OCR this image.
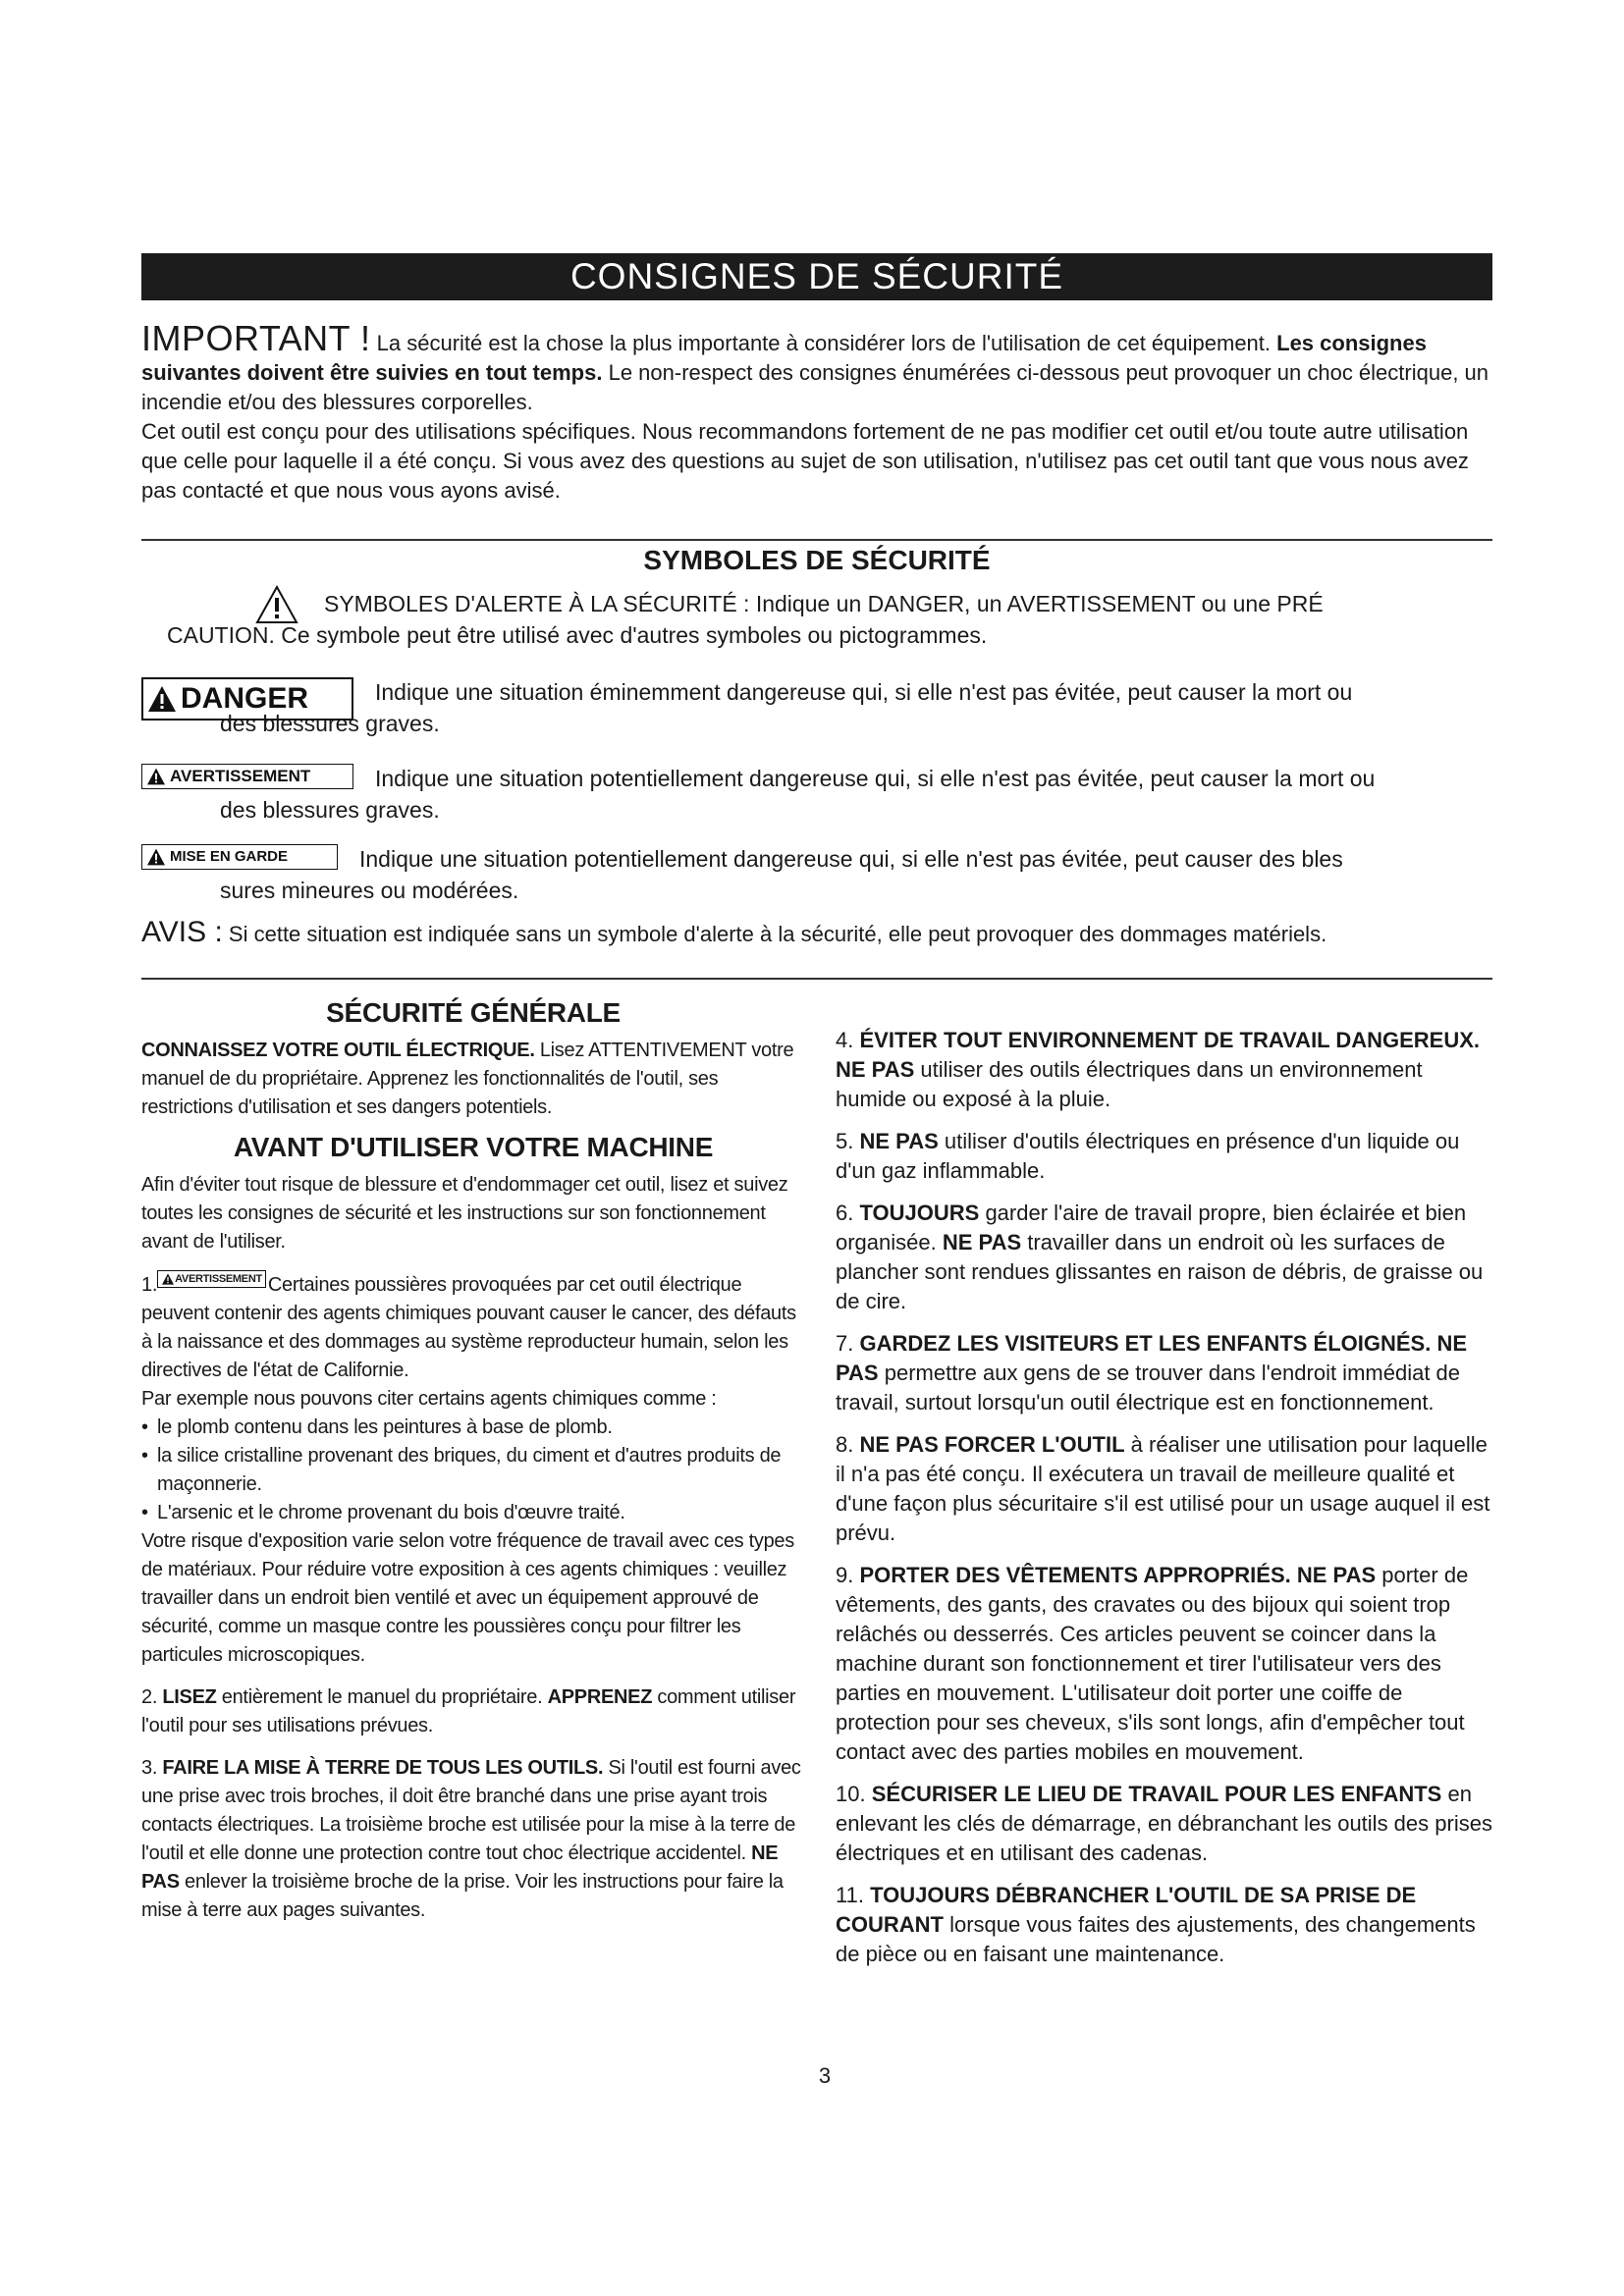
CONSIGNES DE SÉCURITÉ
IMPORTANT ! La sécurité est la chose la plus importante à considérer lors de l'utilisation de cet équipement. Les consignes suivantes doivent être suivies en tout temps. Le non-respect des consignes énumérées ci-dessous peut provoquer un choc électrique, un incendie et/ou des blessures corporelles.
Cet outil est conçu pour des utilisations spécifiques. Nous recommandons fortement de ne pas modifier cet outil et/ou toute autre utilisation que celle pour laquelle il a été conçu. Si vous avez des questions au sujet de son utilisation, n'utilisez pas cet outil tant que vous nous avez pas contacté et que nous vous ayons avisé.
SYMBOLES DE SÉCURITÉ
SYMBOLES D'ALERTE À LA SÉCURITÉ : Indique un DANGER, un AVERTISSEMENT ou une PRÉ
CAUTION. Ce symbole peut être utilisé avec d'autres symboles ou pictogrammes.
DANGER	Indique une situation éminemment dangereuse qui, si elle n'est pas évitée, peut causer la mort ou
des blessures graves.
AVERTISSEMENT	Indique une situation potentiellement dangereuse qui, si elle n'est pas évitée, peut causer la mort ou
des blessures graves.
MISE EN GARDE	Indique une situation potentiellement dangereuse qui, si elle n'est pas évitée, peut causer des bles
sures mineures ou modérées.
AVIS : Si cette situation est indiquée sans un symbole d'alerte à la sécurité, elle peut provoquer des dommages matériels.
SÉCURITÉ GÉNÉRALE
CONNAISSEZ VOTRE OUTIL ÉLECTRIQUE. Lisez ATTENTIVEMENT votre manuel de du propriétaire. Apprenez les fonctionnalités de l'outil, ses restrictions d'utilisation et ses dangers potentiels.
AVANT D'UTILISER VOTRE MACHINE
Afin d'éviter tout risque de blessure et d'endommager cet outil, lisez et suivez toutes les consignes de sécurité et les instructions sur son fonctionnement avant de l'utiliser.
1. AVERTISSEMENT Certaines poussières provoquées par cet outil électrique peuvent contenir des agents chimiques pouvant causer le cancer, des défauts à la naissance et des dommages au système reproducteur humain, selon les directives de l'état de Californie.
Par exemple nous pouvons citer certains agents chimiques comme :
• le plomb contenu dans les peintures à base de plomb.
• la silice cristalline provenant des briques, du ciment et d'autres produits de maçonnerie.
• L'arsenic et le chrome provenant du bois d'œuvre traité.
Votre risque d'exposition varie selon votre fréquence de travail avec ces types de matériaux. Pour réduire votre exposition à ces agents chimiques : veuillez travailler dans un endroit bien ventilé et avec un équipement approuvé de sécurité, comme un masque contre les poussières conçu pour filtrer les particules microscopiques.
2. LISEZ entièrement le manuel du propriétaire. APPRENEZ comment utiliser l'outil pour ses utilisations prévues.
3. FAIRE LA MISE À TERRE DE TOUS LES OUTILS. Si l'outil est fourni avec une prise avec trois broches, il doit être branché dans une prise ayant trois contacts électriques. La troisième broche est utilisée pour la mise à la terre de l'outil et elle donne une protection contre tout choc électrique accidentel. NE PAS enlever la troisième broche de la prise. Voir les instructions pour faire la mise à terre aux pages suivantes.
4. ÉVITER TOUT ENVIRONNEMENT DE TRAVAIL DANGEREUX. NE PAS utiliser des outils électriques dans un environnement humide ou exposé à la pluie.
5. NE PAS utiliser d'outils électriques en présence d'un liquide ou d'un gaz inflammable.
6. TOUJOURS garder l'aire de travail propre, bien éclairée et bien organisée. NE PAS travailler dans un endroit où les surfaces de plancher sont rendues glissantes en raison de débris, de graisse ou de cire.
7. GARDEZ LES VISITEURS ET LES ENFANTS ÉLOIGNÉS. NE PAS permettre aux gens de se trouver dans l'endroit immédiat de travail, surtout lorsqu'un outil électrique est en fonctionnement.
8. NE PAS FORCER L'OUTIL à réaliser une utilisation pour laquelle il n'a pas été conçu. Il exécutera un travail de meilleure qualité et d'une façon plus sécuritaire s'il est utilisé pour un usage auquel il est prévu.
9. PORTER DES VÊTEMENTS APPROPRIÉS. NE PAS porter de vêtements, des gants, des cravates ou des bijoux qui soient trop relâchés ou desserrés. Ces articles peuvent se coincer dans la machine durant son fonctionnement et tirer l'utilisateur vers des parties en mouvement. L'utilisateur doit porter une coiffe de protection pour ses cheveux, s'ils sont longs, afin d'empêcher tout contact avec des parties mobiles en mouvement.
10. SÉCURISER LE LIEU DE TRAVAIL POUR LES ENFANTS en enlevant les clés de démarrage, en débranchant les outils des prises électriques et en utilisant des cadenas.
11. TOUJOURS DÉBRANCHER L'OUTIL DE SA PRISE DE COURANT lorsque vous faites des ajustements, des changements de pièce ou en faisant une maintenance.
3
